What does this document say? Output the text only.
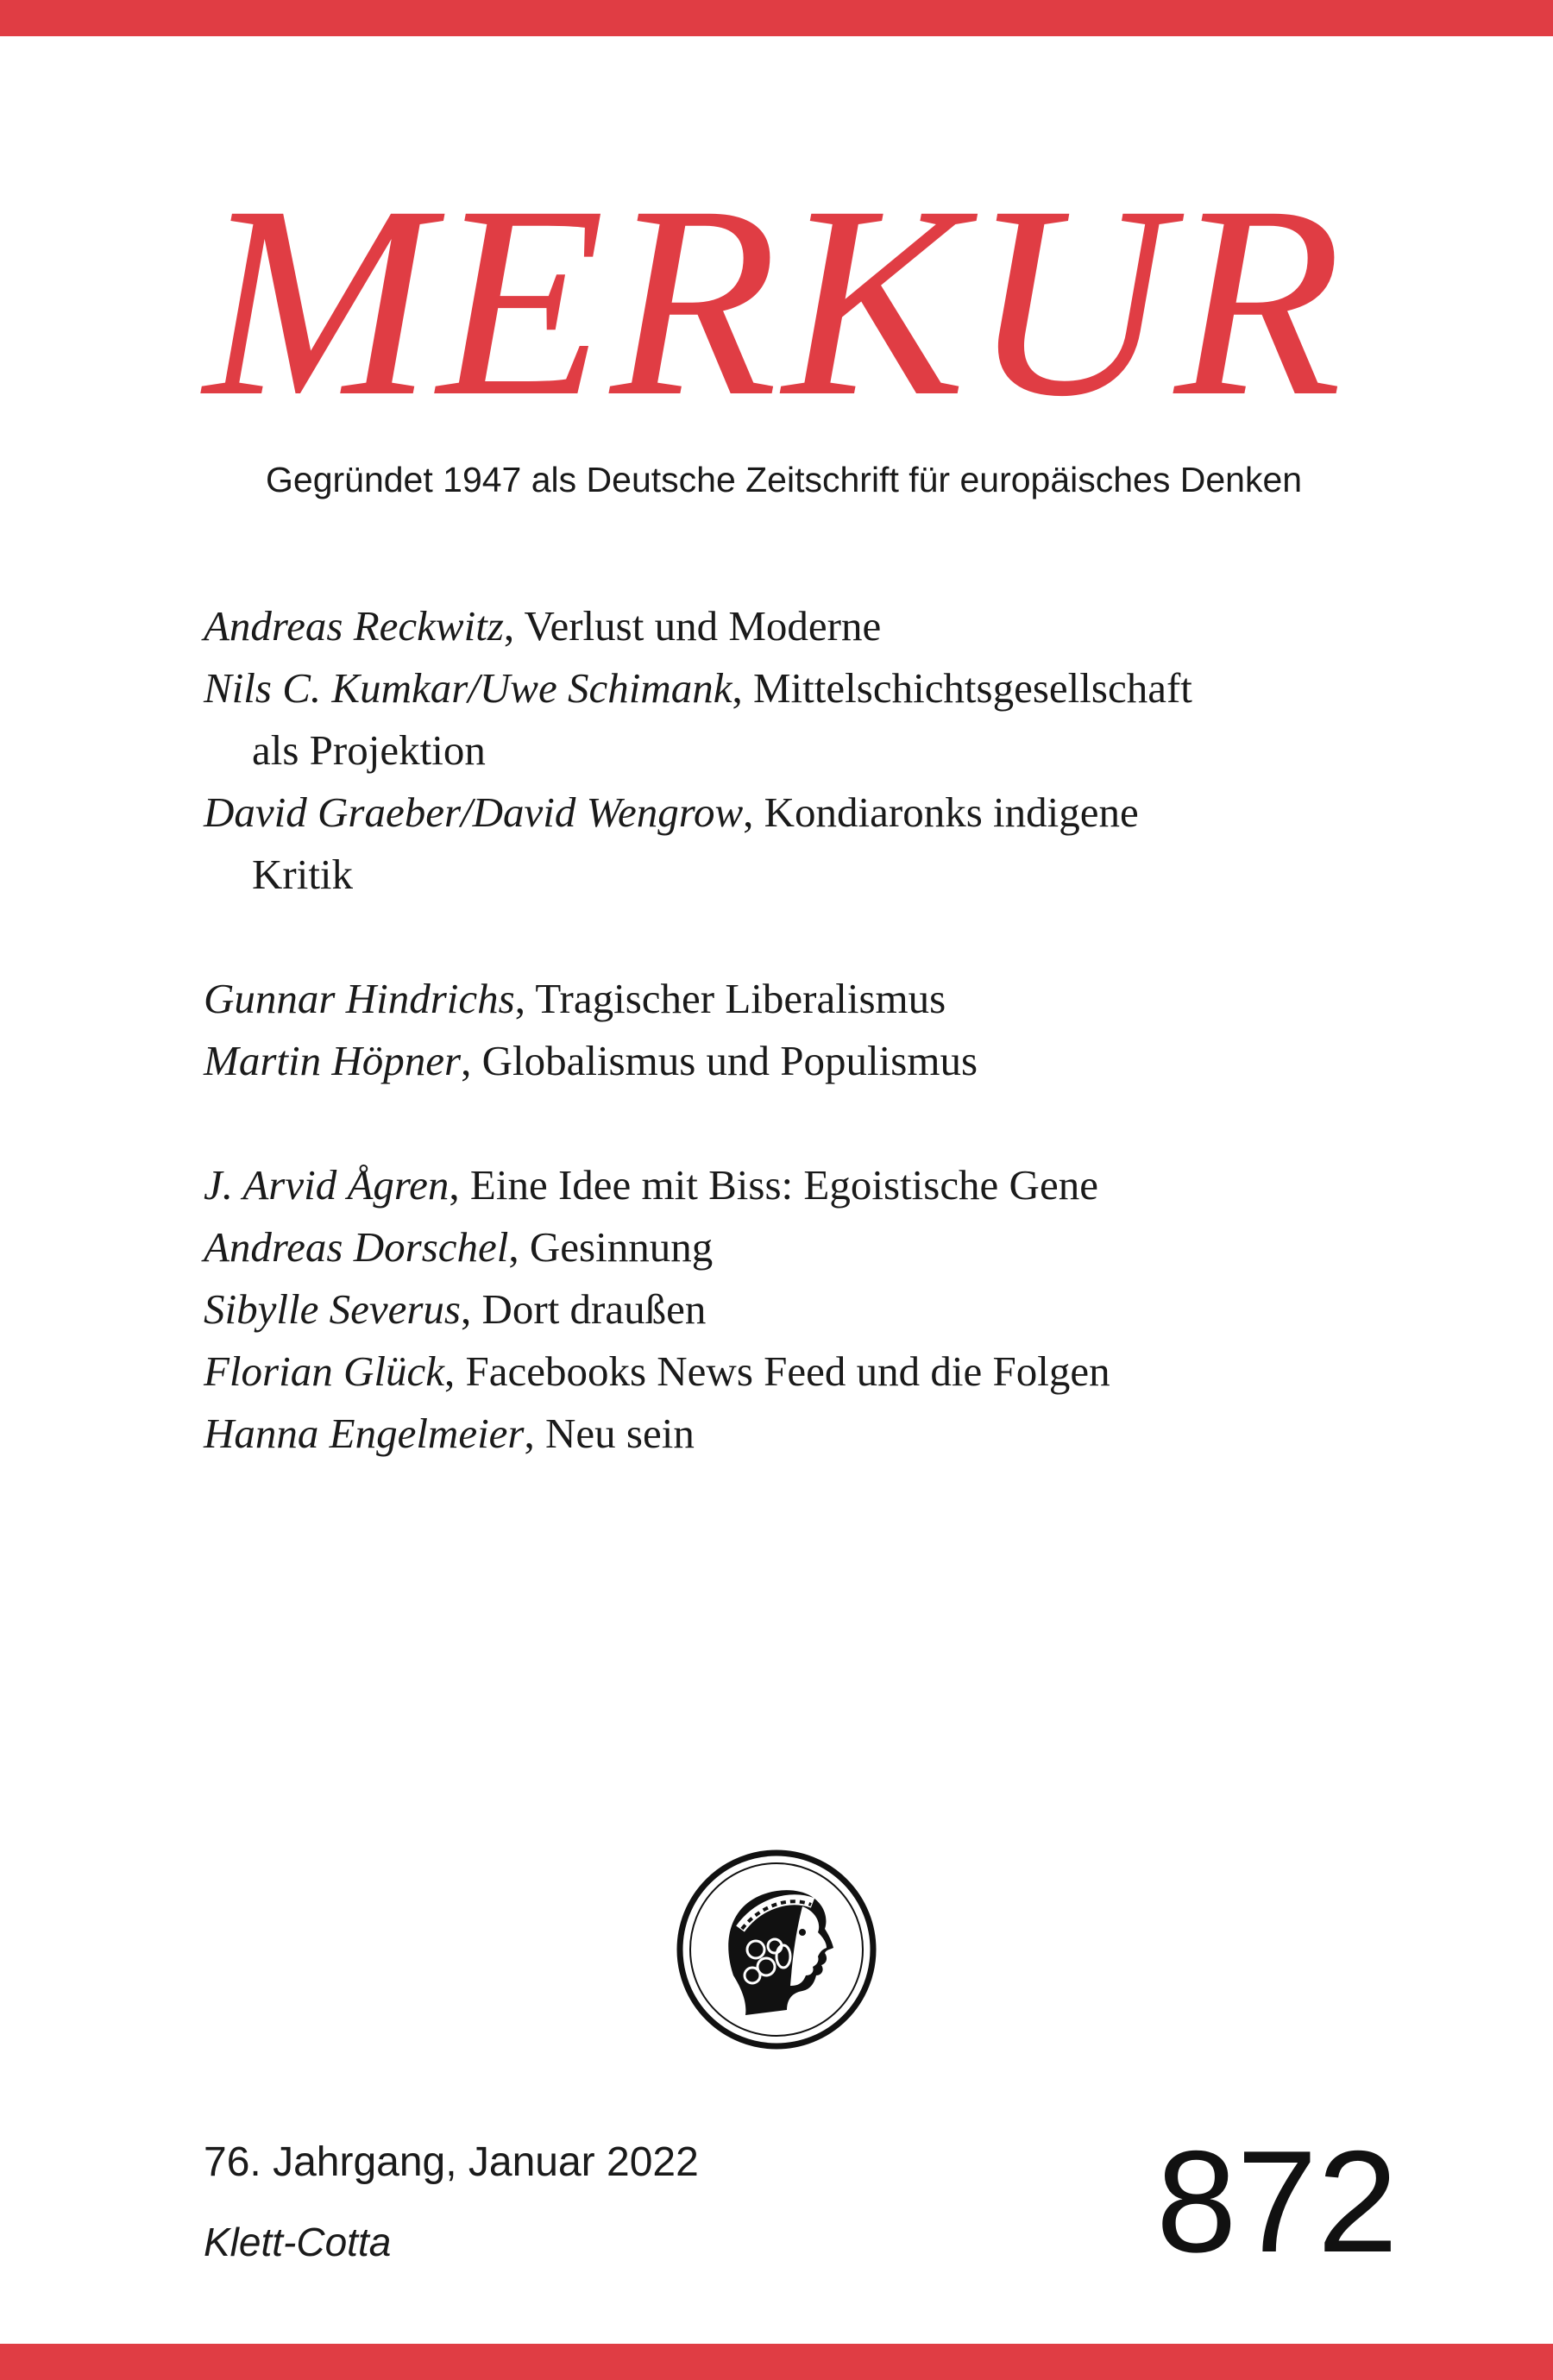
MERKUR
Gegründet 1947 als Deutsche Zeitschrift für europäisches Denken
Andreas Reckwitz, Verlust und Moderne
Nils C. Kumkar/Uwe Schimank, Mittelschichtsgesellschaft
als Projektion
David Graeber/David Wengrow, Kondiaronks indigene
Kritik
Gunnar Hindrichs, Tragischer Liberalismus
Martin Höpner, Globalismus und Populismus
J. Arvid Ågren, Eine Idee mit Biss: Egoistische Gene
Andreas Dorschel, Gesinnung
Sibylle Severus, Dort draußen
Florian Glück, Facebooks News Feed und die Folgen
Hanna Engelmeier, Neu sein
76. Jahrgang, Januar 2022
Klett-Cotta	872
